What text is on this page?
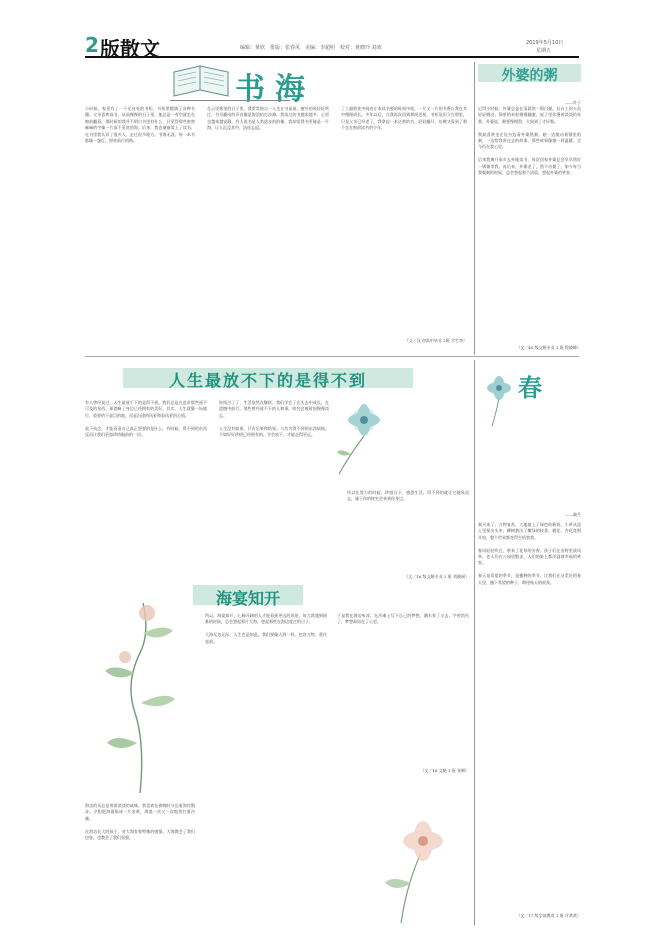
2 版散文	编辑：黄欣　排版：张春风　美编：李超明　校对：黄晓玲 刘欢
2019年5月10日
星期五
书海
小时候，家里有了一个光亮亮的书柜，书柜里摆满了各种书籍。父亲喜欢读书，从前慢慢的日子里，他总是一有空就坐在窗前翻看。那时候的我并不明白书里有什么，只觉得那些密密麻麻的字像一片深不见底的海。后来，我也渐渐爱上了读书，在书里我认识了很多人，走过很多地方。书海无涯，每一本书都像一盏灯，照亮前行的路。
在云里雾里的日子里，我常常独自一人坐在书桌前。窗外的风轻轻吹过，书页翻动的声音像是海浪拍打沙滩。我读过的书越来越多，心里也越来越安静。有人说书是人类进步的阶梯，我却觉得书更像是一片海，让人沉浸其中，流连忘返。
了上遍野花中间的左本读书要的时间中间，一片又一片的书香让我在其中慢慢成长。多年以后，当我再次回到那间老屋，书柜依旧立在那里，只是父亲已经老了。我拿起一本泛黄的书，轻轻翻开，仿佛又看到了那个坐在窗前读书的少年。
（文／汉 初高中毕业 2班 学生李）
外婆的粥
——叶子
记得小时候，外婆总是在清晨熬一锅白粥。灶台上的火苗轻轻跳动，锅里的米粒慢慢翻滚，屋子里弥漫着淡淡的米香。外婆说，粥要慢慢熬，火候到了才好喝。

我最喜欢坐在灶台边看外婆熬粥。她一边搅动着锅里的粥，一边给我讲过去的故事。那些故事像粥一样温暖，至今仍在我心里。

后来我离开家乡去外地读书，每次回家外婆总会早早熬好一锅粥等我。再后来，外婆老了，熬不动粥了。如今每当我喝粥的时候，总会想起那个清晨，想起外婆的笑容。
（文／45 级文秘专业 1 班 程晓峰）
人生最放不下的是得不到
有人曾经说过，人生最放不下的是得不到。我们总是在追求那些遥不可及的东西，却忽略了身边已经拥有的美好。其实，人生就像一场旅行，重要的不是目的地，而是沿途的风景和看风景的心情。

放下执念，才能看清自己真正想要的是什么。有时候，得不到的东西反而让我们更加珍惜眼前的一切。
时间过了了，生活依然在继续。我们学会了在失去中成长，在遗憾中前行。那些曾经放不下的人和事，终究会被时间慢慢淡忘。

人生没有如果，只有后果和结果。与其为得不到的东西烦恼，不如好好珍惜已经拥有的。学会放下，才能走得更远。
所以在努力的时候，珍惜当下，感恩生活。得不到的就让它随风而去，属于你的终究会来到你身边。
（文／16 级文秘专业 2 班 刘晓丽）
春
——晓月
春天来了，万物复苏，大地披上了绿色的新装。小草从泥土里探出头来，柳树抽出了嫩绿的枝条，桃花、杏花竞相开放，整个世界都变得生机勃勃。

春风轻轻吹过，带来了花草的芳香。孩子们在田野里放风筝，老人们在公园里散步，人们的脸上都洋溢着幸福的笑容。

春天是希望的季节，是播种的季节。让我们在这美好的春天里，播下希望的种子，期待秋天的收获。
（文／17 级学前教育 1 班 许欢欢）
海宴知开
海边的风总是带着淡淡的咸味，我喜欢在傍晚时分沿着海岸散步。夕阳把海面染成一片金黄，海浪一次又一次地拍打着沙滩。

在海边长大的孩子，对大海有着特殊的感情。大海教会了我们包容，也教会了我们坚强。
所以，海宴知开，心胸开阔的人才能看到更远的风景。每当我遇到困难的时候，总会想起那片大海，想起那些在海边度过的日子。

大海无边无际，人生也是如此。我们要像大海一样，包容万物，勇往直前。
于是我在海边听涛，在沙滩上写下自己的梦想。潮水来了又去，字迹消失了，梦想却留在了心里。
（文／16 文秘 1 班 张琳）
